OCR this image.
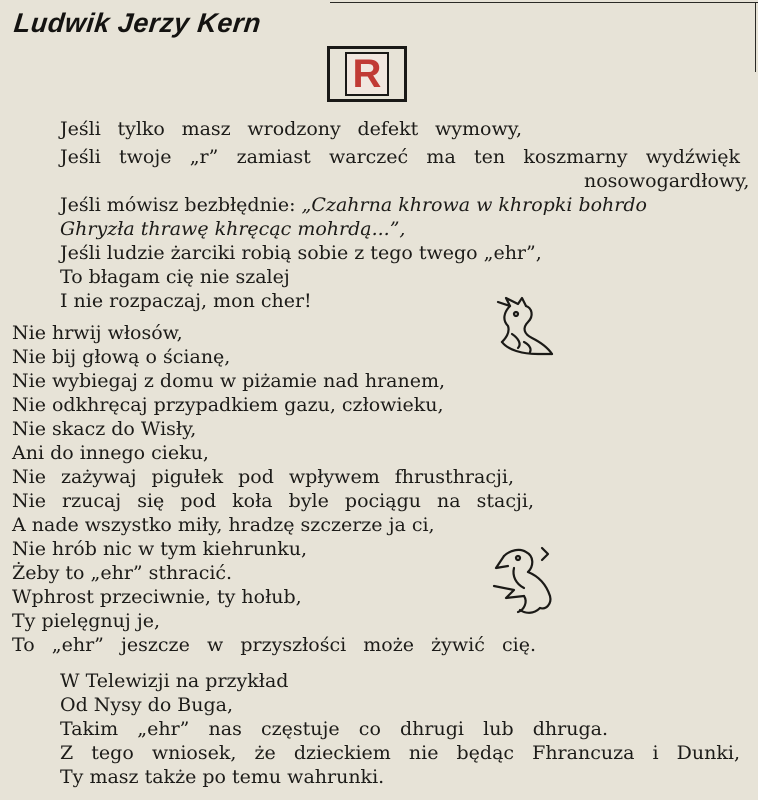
Ludwik Jerzy Kern
R
Jeśli tylko masz wrodzony defekt wymowy,
Jeśli twoje „r” zamiast warczeć ma ten koszmarny wydźwięk
nosowogardłowy,
Jeśli mówisz bezbłędnie: „Czahrna khrowa w khropki bohrdo
Ghryzła thrawę khręcąc mohrdą...”,
Jeśli ludzie żarciki robią sobie z tego twego „ehr”,
To błagam cię nie szalej
I nie rozpaczaj, mon cher!
Nie hrwij włosów,
Nie bij głową o ścianę,
Nie wybiegaj z domu w piżamie nad hranem,
Nie odkhręcaj przypadkiem gazu, człowieku,
Nie skacz do Wisły,
Ani do innego cieku,
Nie zażywaj pigułek pod wpływem fhrusthracji,
Nie rzucaj się pod koła byle pociągu na stacji,
A nade wszystko miły, hradzę szczerze ja ci,
Nie hrób nic w tym kiehrunku,
Żeby to „ehr” sthracić.
Wphrost przeciwnie, ty hołub,
Ty pielęgnuj je,
To „ehr” jeszcze w przyszłości może żywić cię.
W Telewizji na przykład
Od Nysy do Buga,
Takim „ehr” nas częstuje co dhrugi lub dhruga.
Z tego wniosek, że dzieckiem nie będąc Fhrancuza i Dunki,
Ty masz także po temu wahrunki.
